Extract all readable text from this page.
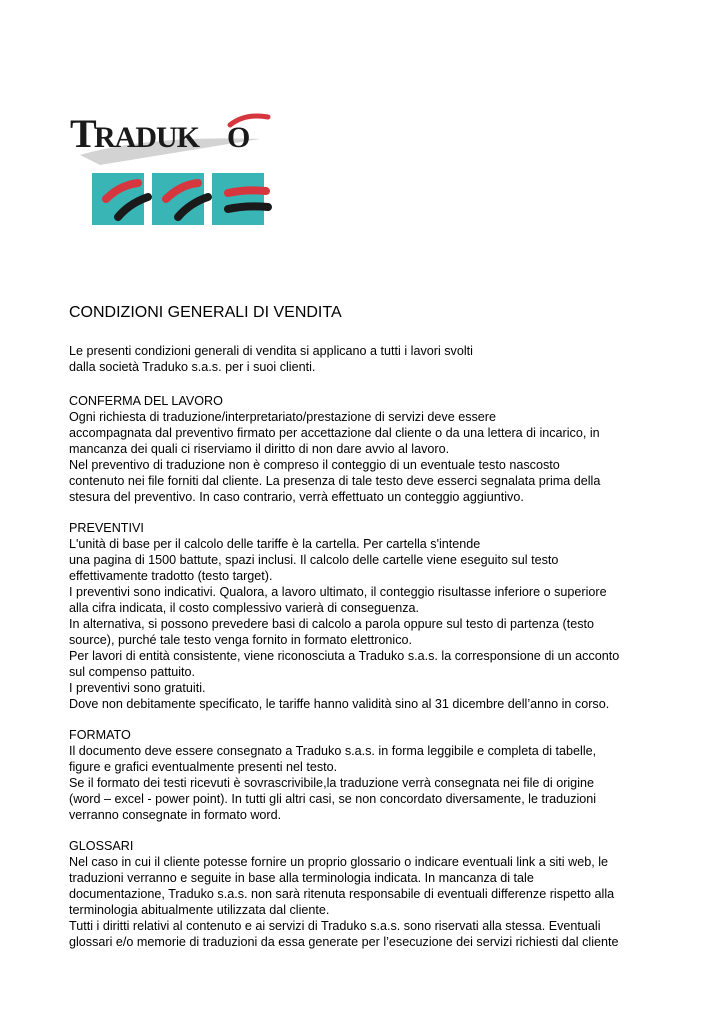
T
RADUK O
CONDIZIONI GENERALI DI VENDITA
Le presenti condizioni generali di vendita si applicano a tutti i lavori svolti
dalla società Traduko s.a.s. per i suoi clienti.
CONFERMA DEL LAVORO
Ogni richiesta di traduzione/interpretariato/prestazione di servizi deve essere
accompagnata dal preventivo firmato per accettazione dal cliente o da una lettera di incarico, in
mancanza dei quali ci riserviamo il diritto di non dare avvio al lavoro.
Nel preventivo di traduzione non è compreso il conteggio di un eventuale testo nascosto
contenuto nei file forniti dal cliente. La presenza di tale testo deve esserci segnalata prima della
stesura del preventivo. In caso contrario, verrà effettuato un conteggio aggiuntivo.
PREVENTIVI
L'unità di base per il calcolo delle tariffe è la cartella. Per cartella s'intende
una pagina di 1500 battute, spazi inclusi. Il calcolo delle cartelle viene eseguito sul testo
effettivamente tradotto (testo target).
I preventivi sono indicativi. Qualora, a lavoro ultimato, il conteggio risultasse inferiore o superiore
alla cifra indicata, il costo complessivo varierà di conseguenza.
In alternativa, si possono prevedere basi di calcolo a parola oppure sul testo di partenza (testo
source), purché tale testo venga fornito in formato elettronico.
Per lavori di entità consistente, viene riconosciuta a Traduko s.a.s. la corresponsione di un acconto
sul compenso pattuito.
I preventivi sono gratuiti.
Dove non debitamente specificato, le tariffe hanno validità sino al 31 dicembre dell’anno in corso.
FORMATO
Il documento deve essere consegnato a Traduko s.a.s. in forma leggibile e completa di tabelle,
figure e grafici eventualmente presenti nel testo.
Se il formato dei testi ricevuti è sovrascrivibile,la traduzione verrà consegnata nei file di origine
(word – excel - power point). In tutti gli altri casi, se non concordato diversamente, le traduzioni
verranno consegnate in formato word.
GLOSSARI
Nel caso in cui il cliente potesse fornire un proprio glossario o indicare eventuali link a siti web, le
traduzioni verranno e seguite in base alla terminologia indicata. In mancanza di tale
documentazione, Traduko s.a.s. non sarà ritenuta responsabile di eventuali differenze rispetto alla
terminologia abitualmente utilizzata dal cliente.
Tutti i diritti relativi al contenuto e ai servizi di Traduko s.a.s. sono riservati alla stessa. Eventuali
glossari e/o memorie di traduzioni da essa generate per l’esecuzione dei servizi richiesti dal cliente
